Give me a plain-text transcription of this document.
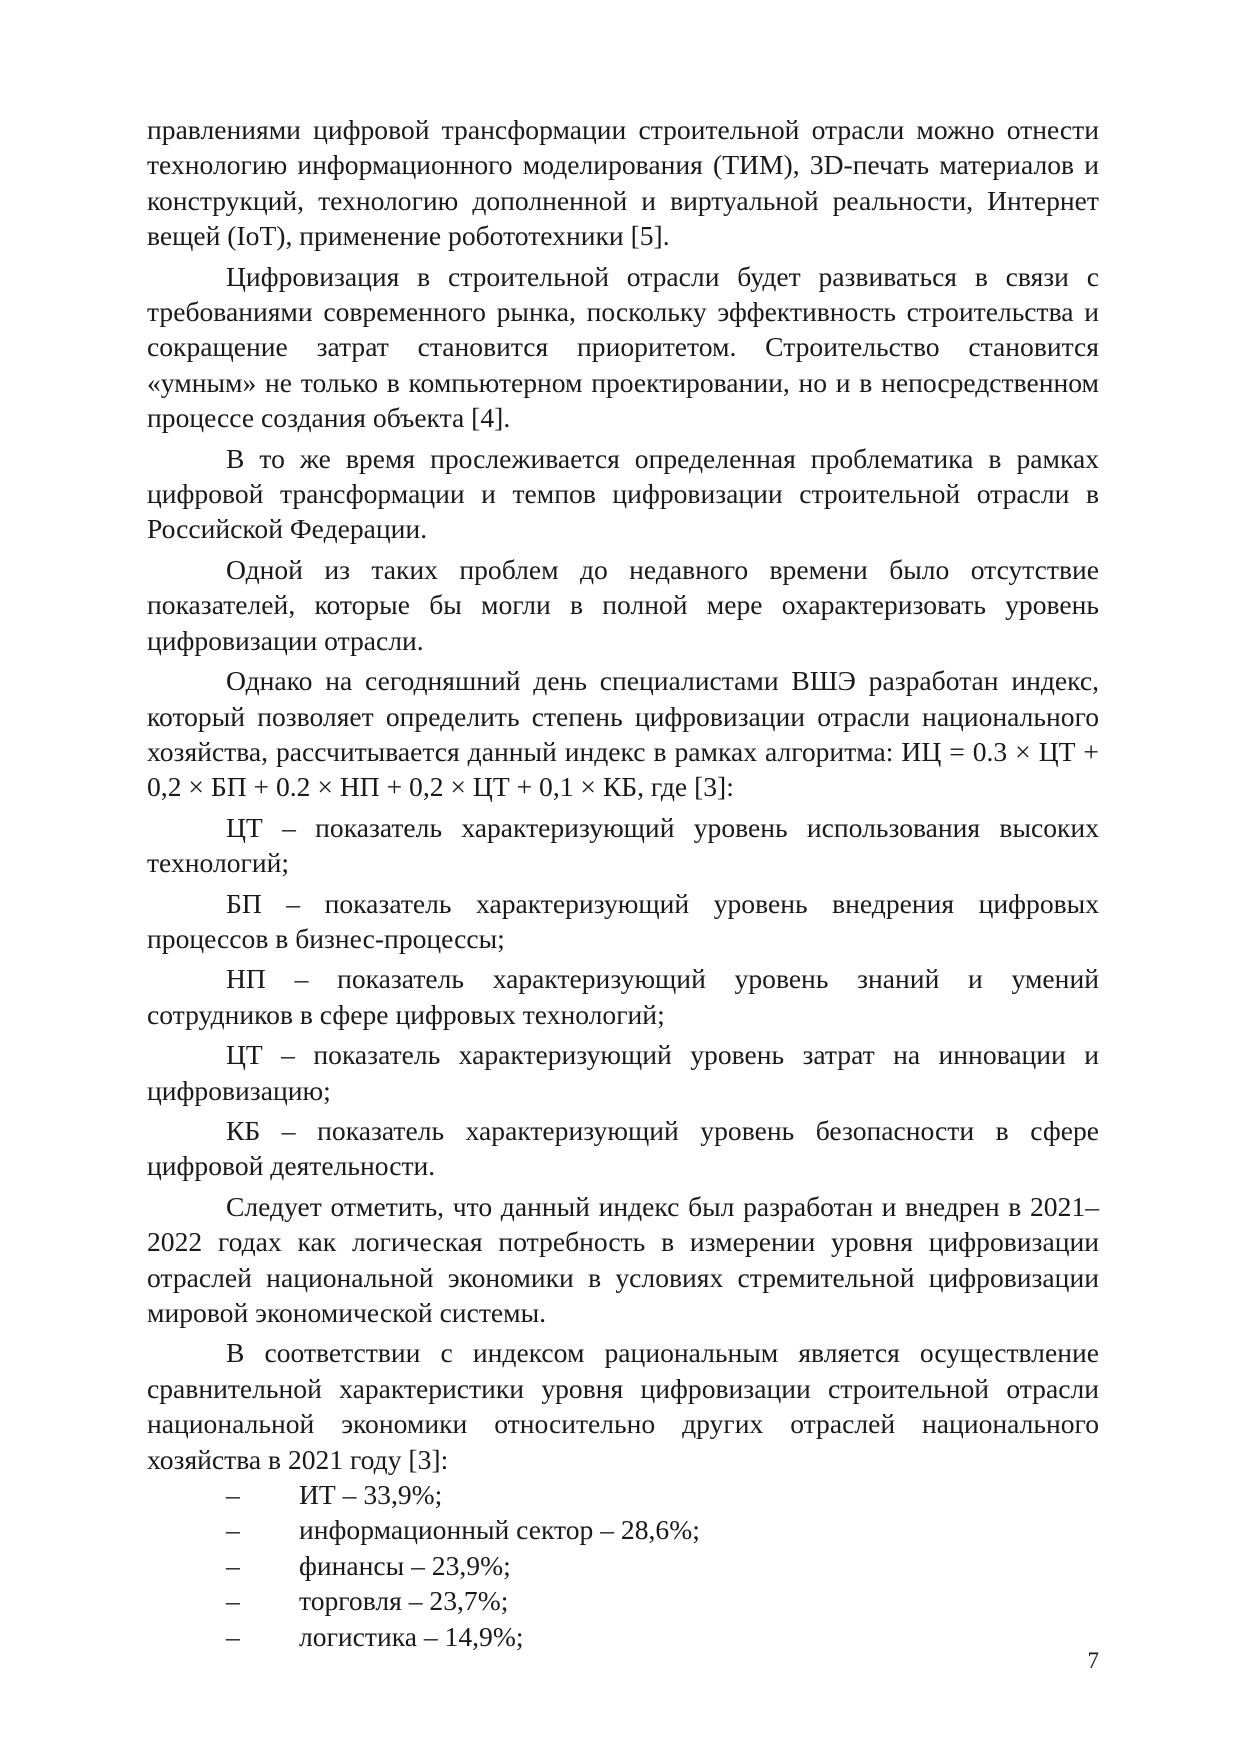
правлениями цифровой трансформации строительной отрасли можно отнести технологию информационного моделирования (ТИМ), 3D-печать материалов и конструкций, технологию дополненной и виртуальной реальности, Интернет вещей (IoT), применение робототехники [5].

Цифровизация в строительной отрасли будет развиваться в связи с требованиями современного рынка, поскольку эффективность строительства и сокращение затрат становится приоритетом. Строительство становится «умным» не только в компьютерном проектировании, но и в непосредственном процессе создания объекта [4].

В то же время прослеживается определенная проблематика в рамках цифровой трансформации и темпов цифровизации строительной отрасли в Российской Федерации.

Одной из таких проблем до недавного времени было отсутствие показателей, которые бы могли в полной мере охарактеризовать уровень цифровизации отрасли.

Однако на сегодняшний день специалистами ВШЭ разработан индекс, который позволяет определить степень цифровизации отрасли национального хозяйства, рассчитывается данный индекс в рамках алгоритма: ИЦ = 0.3 × ЦТ + 0,2 × БП + 0.2 × НП + 0,2 × ЦТ + 0,1 × КБ, где [3]:

ЦТ – показатель характеризующий уровень использования высоких технологий;

БП – показатель характеризующий уровень внедрения цифровых процессов в бизнес-процессы;

НП – показатель характеризующий уровень знаний и умений сотрудников в сфере цифровых технологий;

ЦТ – показатель характеризующий уровень затрат на инновации и цифровизацию;

КБ – показатель характеризующий уровень безопасности в сфере цифровой деятельности.

Следует отметить, что данный индекс был разработан и внедрен в 2021–2022 годах как логическая потребность в измерении уровня цифровизации отраслей национальной экономики в условиях стремительной цифровизации мировой экономической системы.

В соответствии с индексом рациональным является осуществление сравнительной характеристики уровня цифровизации строительной отрасли национальной экономики относительно других отраслей национального хозяйства в 2021 году [3]:

– ИТ – 33,9%;
– информационный сектор – 28,6%;
– финансы – 23,9%;
– торговля – 23,7%;
– логистика – 14,9%;
7
